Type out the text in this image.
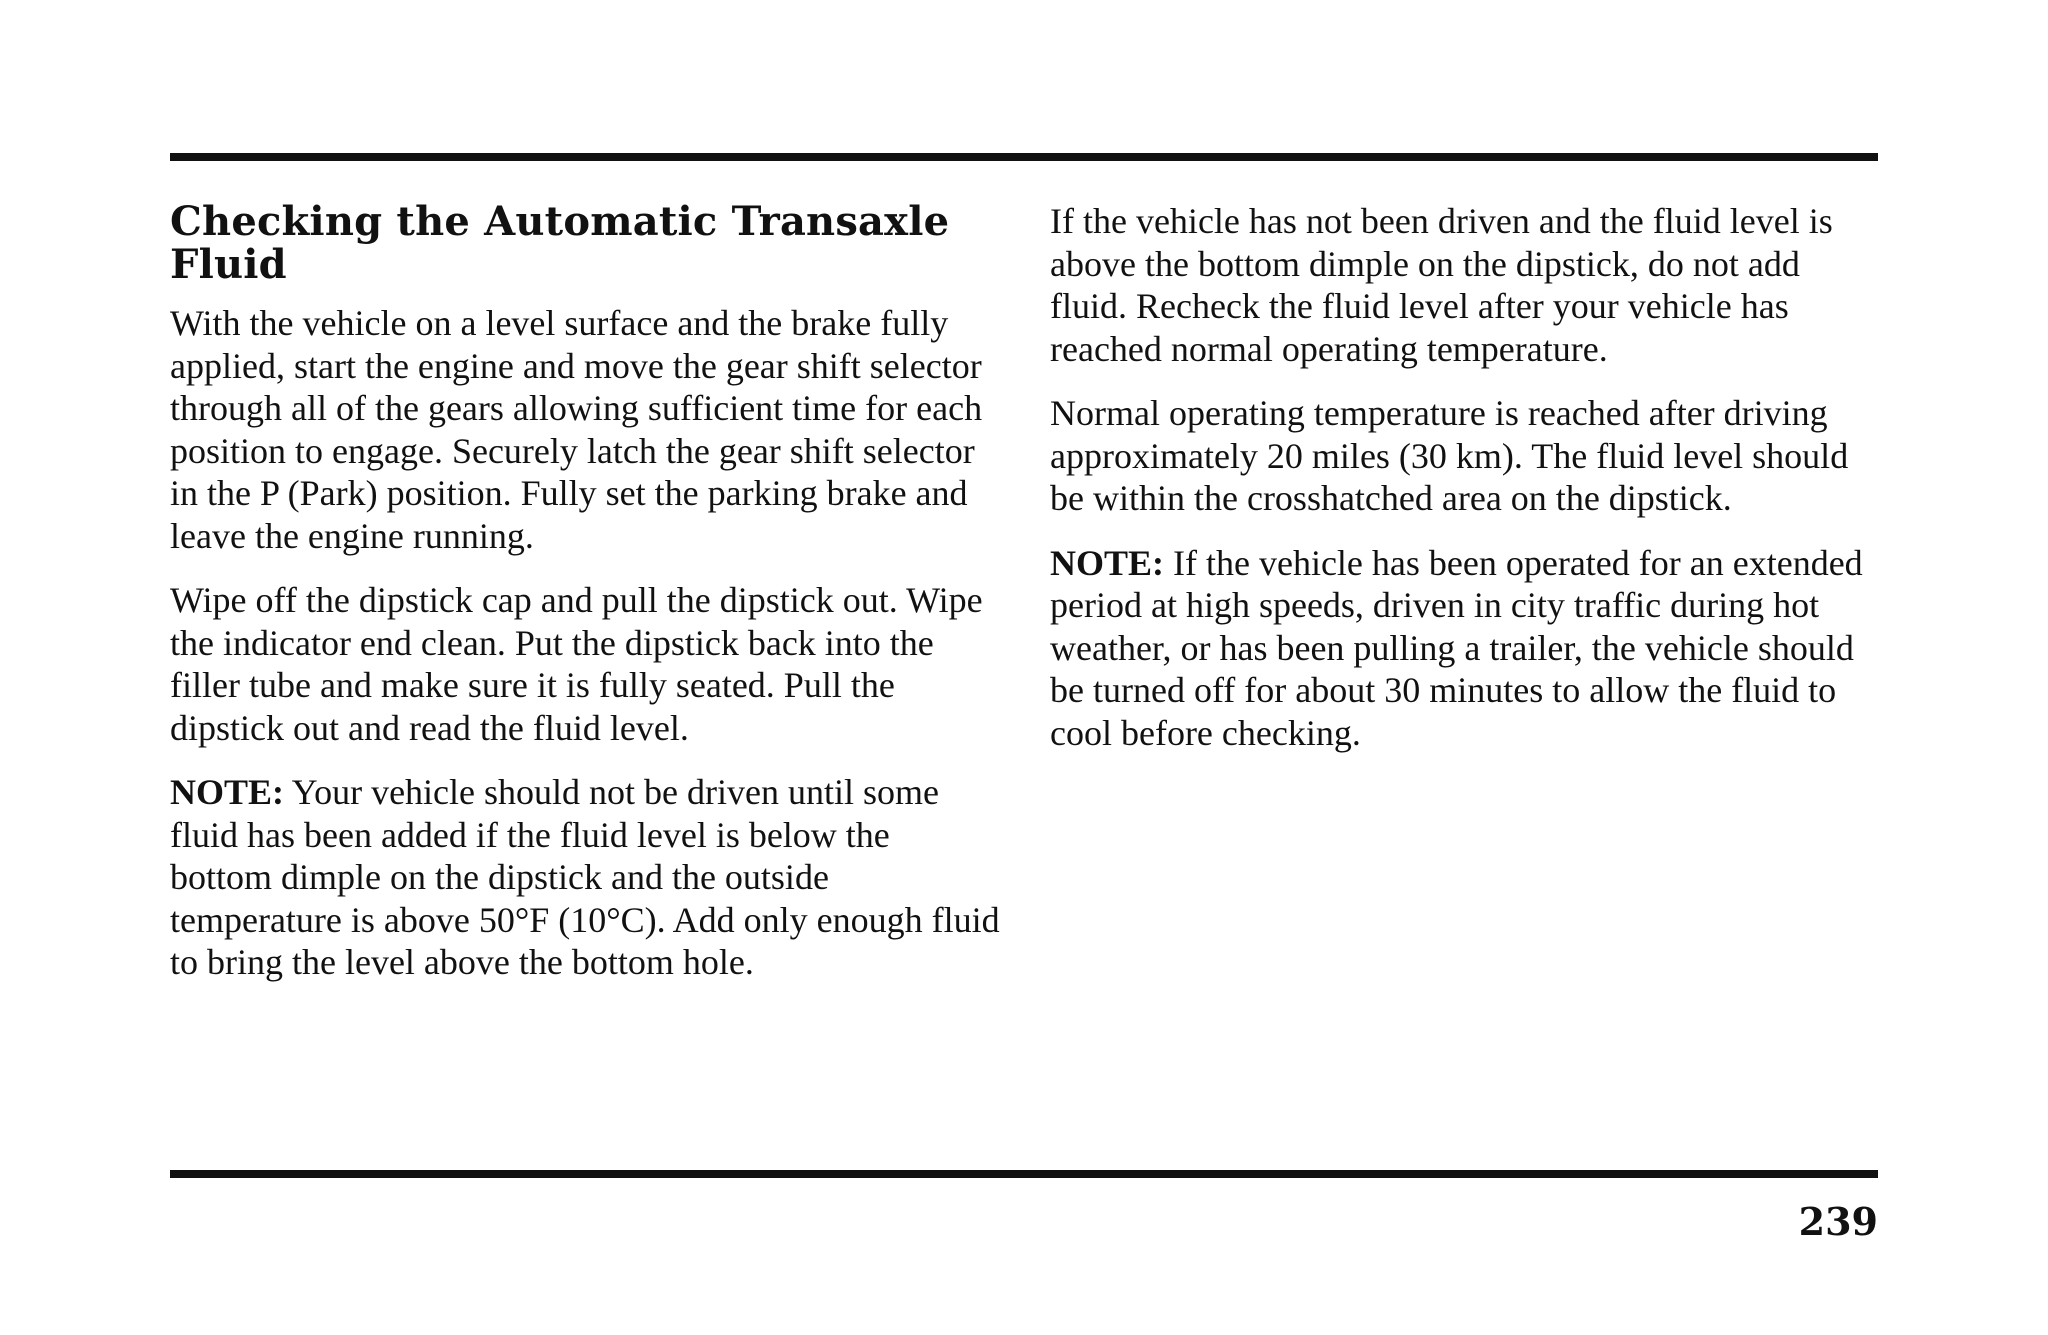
Checking the Automatic Transaxle Fluid

With the vehicle on a level surface and the brake fully applied, start the engine and move the gear shift selector through all of the gears allowing sufficient time for each position to engage. Securely latch the gear shift selector in the P (Park) position. Fully set the parking brake and leave the engine running.

Wipe off the dipstick cap and pull the dipstick out. Wipe the indicator end clean. Put the dipstick back into the filler tube and make sure it is fully seated. Pull the dipstick out and read the fluid level.

NOTE: Your vehicle should not be driven until some fluid has been added if the fluid level is below the bottom dimple on the dipstick and the outside temperature is above 50°F (10°C). Add only enough fluid to bring the level above the bottom hole.

If the vehicle has not been driven and the fluid level is above the bottom dimple on the dipstick, do not add fluid. Recheck the fluid level after your vehicle has reached normal operating temperature.

Normal operating temperature is reached after driving approximately 20 miles (30 km). The fluid level should be within the crosshatched area on the dipstick.

NOTE: If the vehicle has been operated for an extended period at high speeds, driven in city traffic during hot weather, or has been pulling a trailer, the vehicle should be turned off for about 30 minutes to allow the fluid to cool before checking.

239
